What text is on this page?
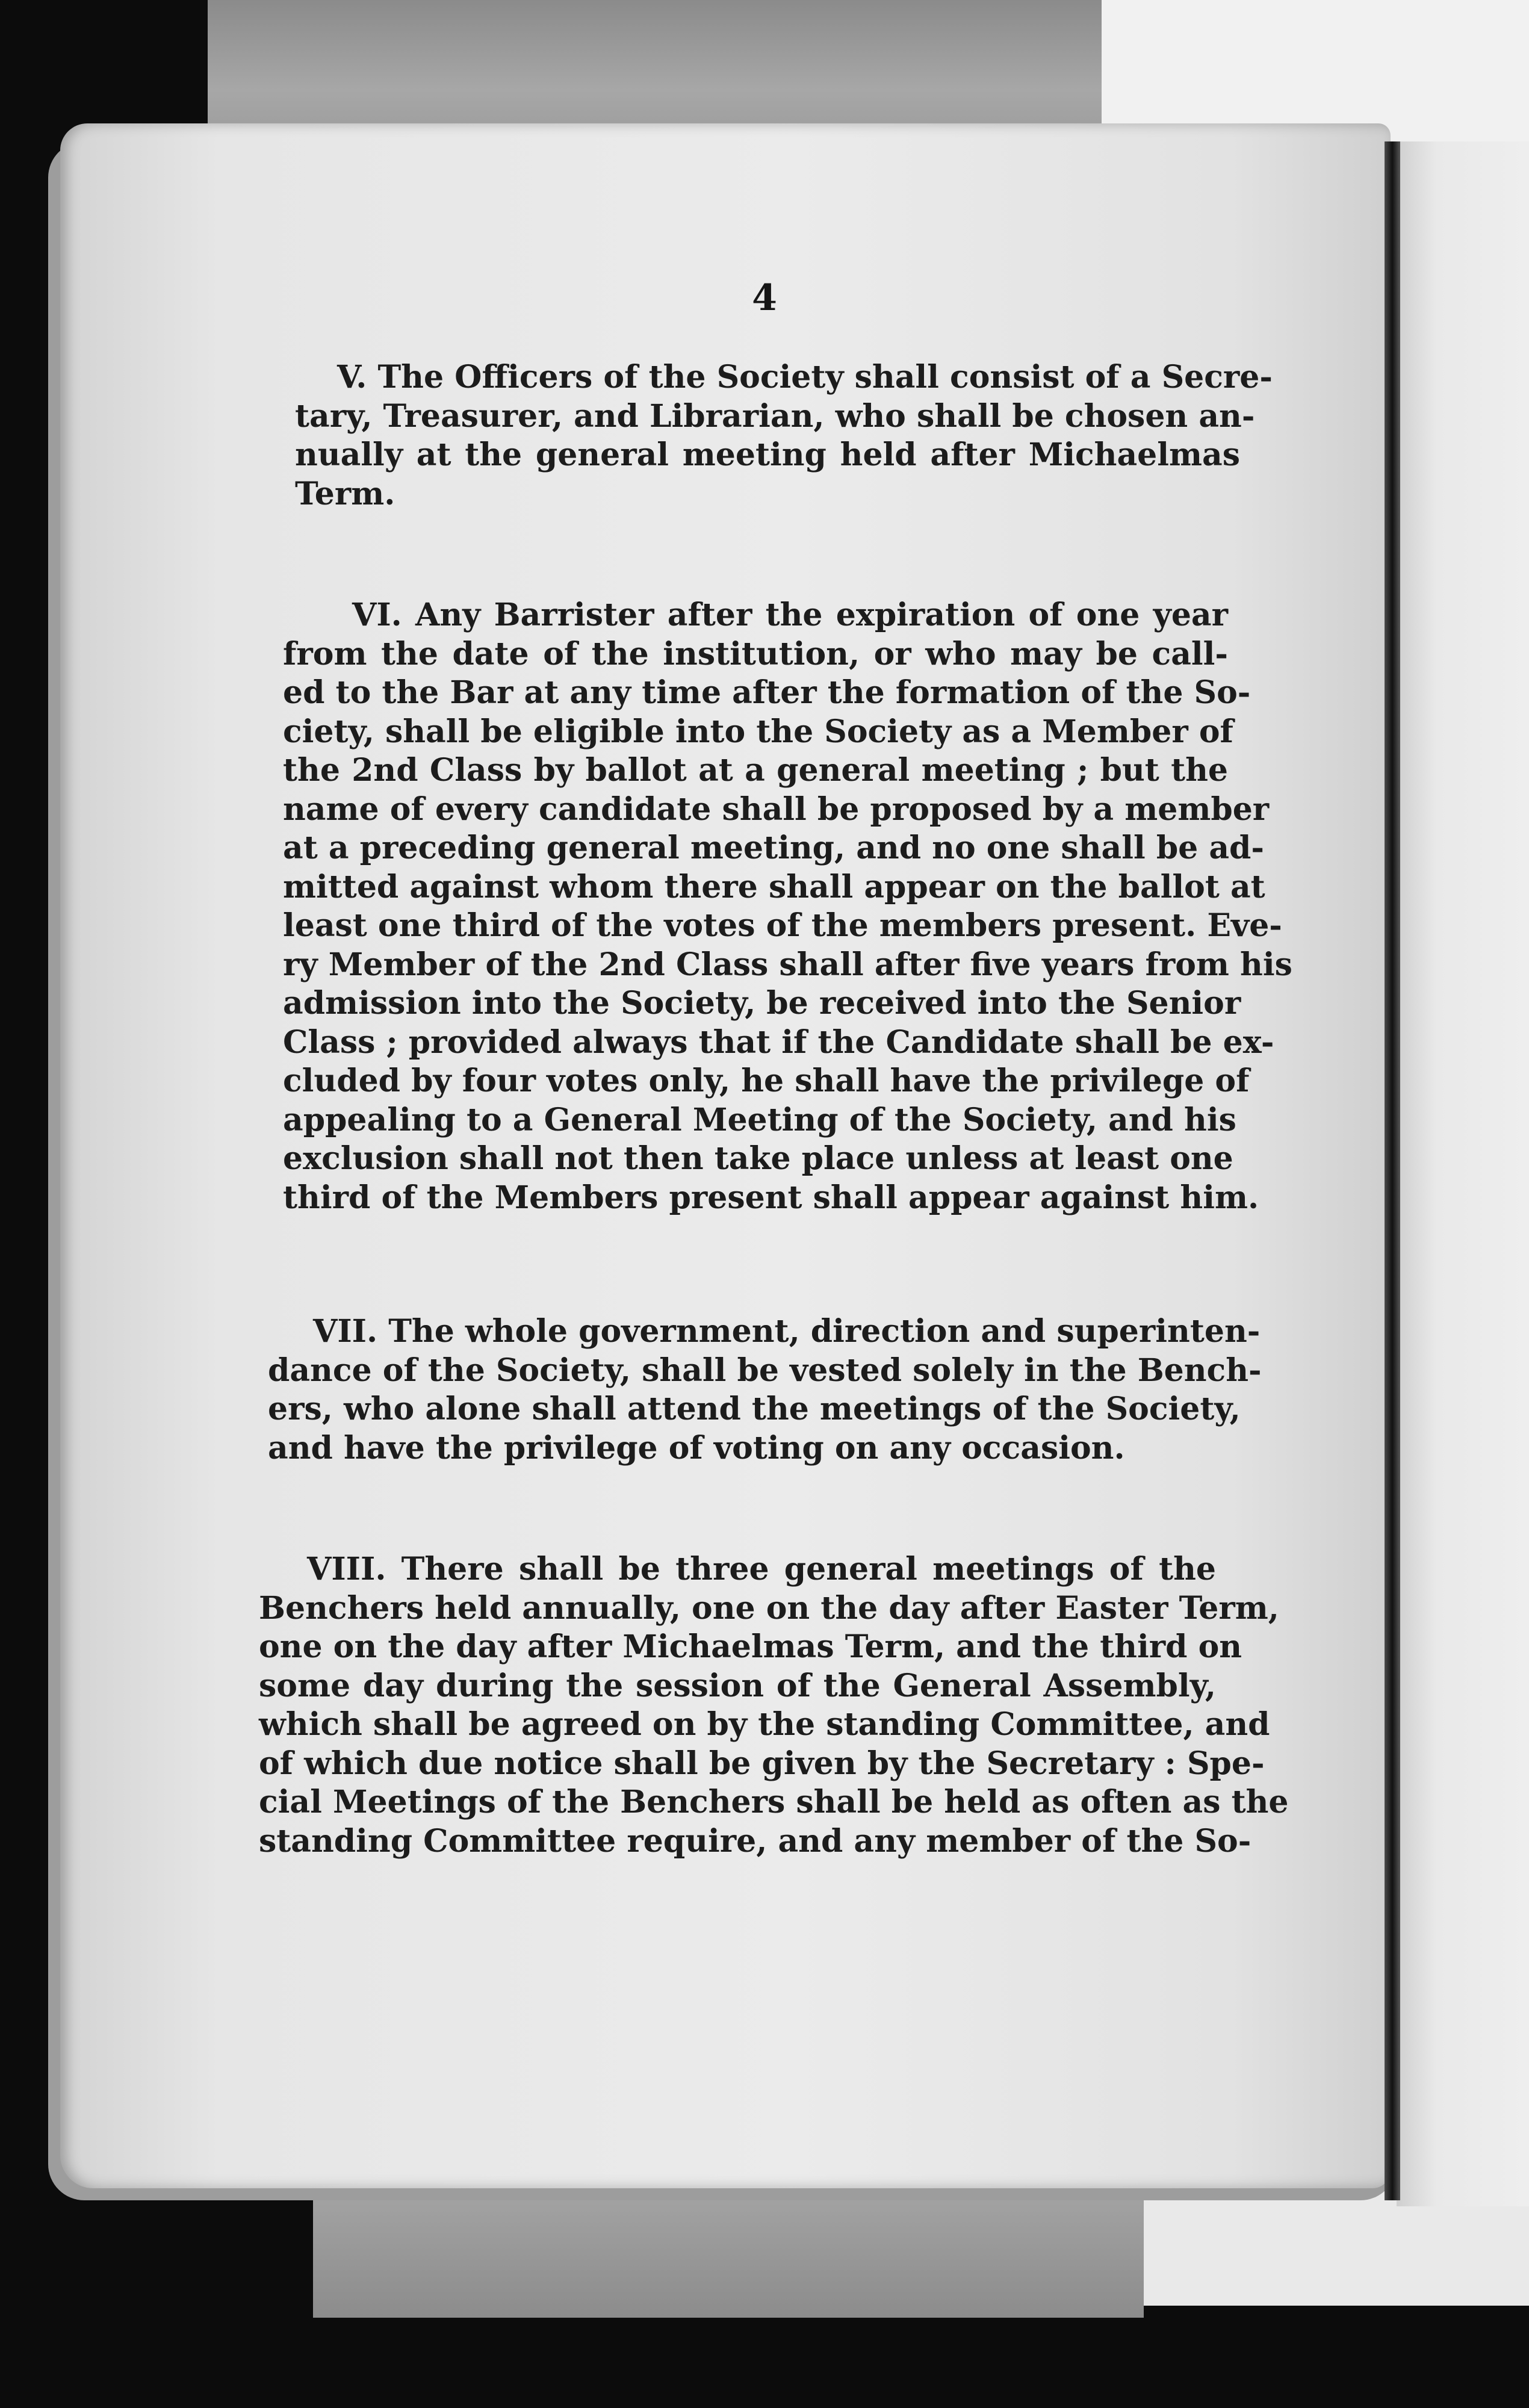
4
V. The Officers of the Society shall consist of a Secre-
tary, Treasurer, and Librarian, who shall be chosen an-
nually at the general meeting held after Michaelmas
Term.
VI. Any Barrister after the expiration of one year
from the date of the institution, or who may be call-
ed to the Bar at any time after the formation of the So-
ciety, shall be eligible into the Society as a Member of
the 2nd Class by ballot at a general meeting ; but the
name of every candidate shall be proposed by a member
at a preceding general meeting, and no one shall be ad-
mitted against whom there shall appear on the ballot at
least one third of the votes of the members present. Eve-
ry Member of the 2nd Class shall after five years from his
admission into the Society, be received into the Senior
Class ; provided always that if the Candidate shall be ex-
cluded by four votes only, he shall have the privilege of
appealing to a General Meeting of the Society, and his
exclusion shall not then take place unless at least one
third of the Members present shall appear against him.
VII. The whole government, direction and superinten-
dance of the Society, shall be vested solely in the Bench-
ers, who alone shall attend the meetings of the Society,
and have the privilege of voting on any occasion.
VIII. There shall be three general meetings of the
Benchers held annually, one on the day after Easter Term,
one on the day after Michaelmas Term, and the third on
some day during the session of the General Assembly,
which shall be agreed on by the standing Committee, and
of which due notice shall be given by the Secretary : Spe-
cial Meetings of the Benchers shall be held as often as the
standing Committee require, and any member of the So-
